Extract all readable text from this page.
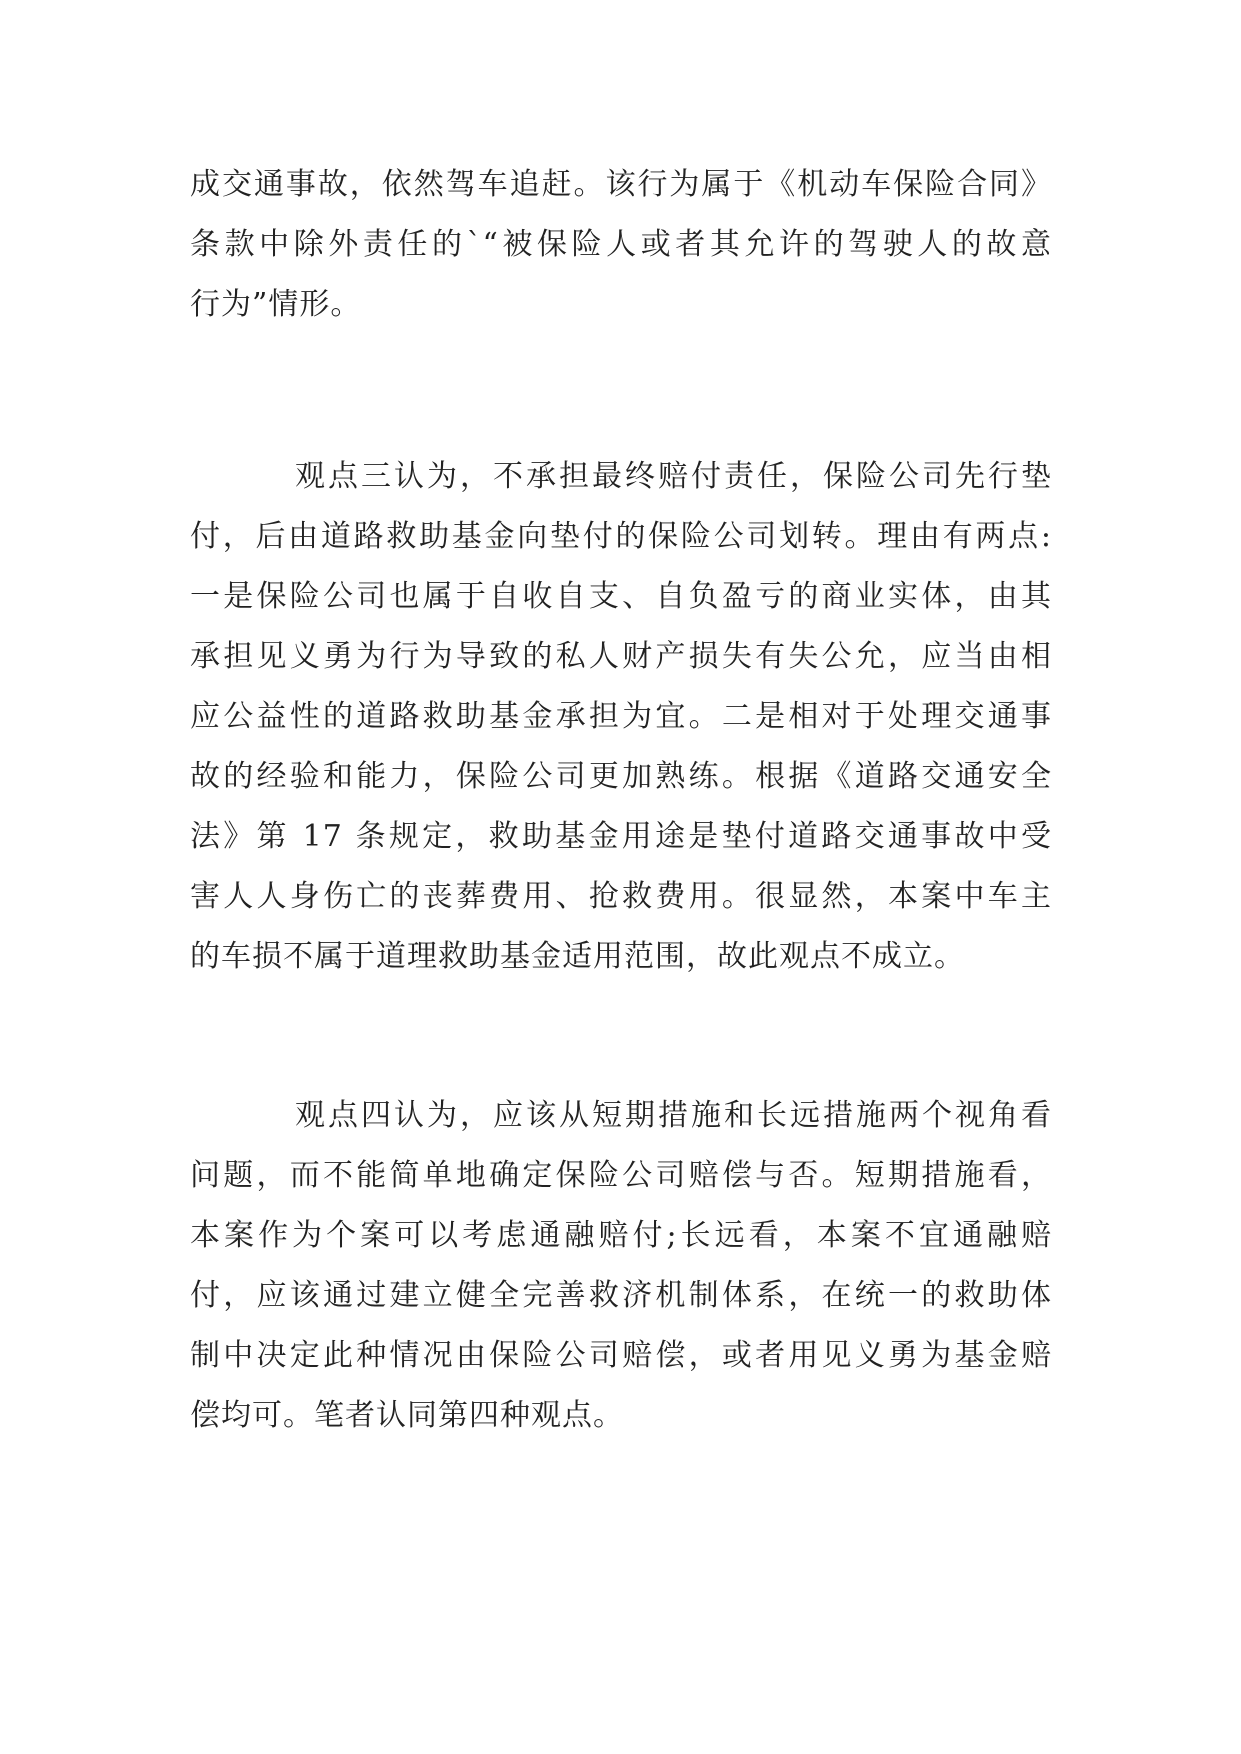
成交通事故，依然驾车追赶。该行为属于《机动车保险合同》
条款中除外责任的`“被保险人或者其允许的驾驶人的故意
行为”情形。

观点三认为，不承担最终赔付责任，保险公司先行垫
付，后由道路救助基金向垫付的保险公司划转。理由有两点:
一是保险公司也属于自收自支、自负盈亏的商业实体，由其
承担见义勇为行为导致的私人财产损失有失公允，应当由相
应公益性的道路救助基金承担为宜。二是相对于处理交通事
故的经验和能力，保险公司更加熟练。根据《道路交通安全
法》第 17 条规定，救助基金用途是垫付道路交通事故中受
害人人身伤亡的丧葬费用、抢救费用。很显然，本案中车主
的车损不属于道理救助基金适用范围，故此观点不成立。

观点四认为，应该从短期措施和长远措施两个视角看
问题，而不能简单地确定保险公司赔偿与否。短期措施看，
本案作为个案可以考虑通融赔付;长远看，本案不宜通融赔
付，应该通过建立健全完善救济机制体系，在统一的救助体
制中决定此种情况由保险公司赔偿，或者用见义勇为基金赔
偿均可。笔者认同第四种观点。
